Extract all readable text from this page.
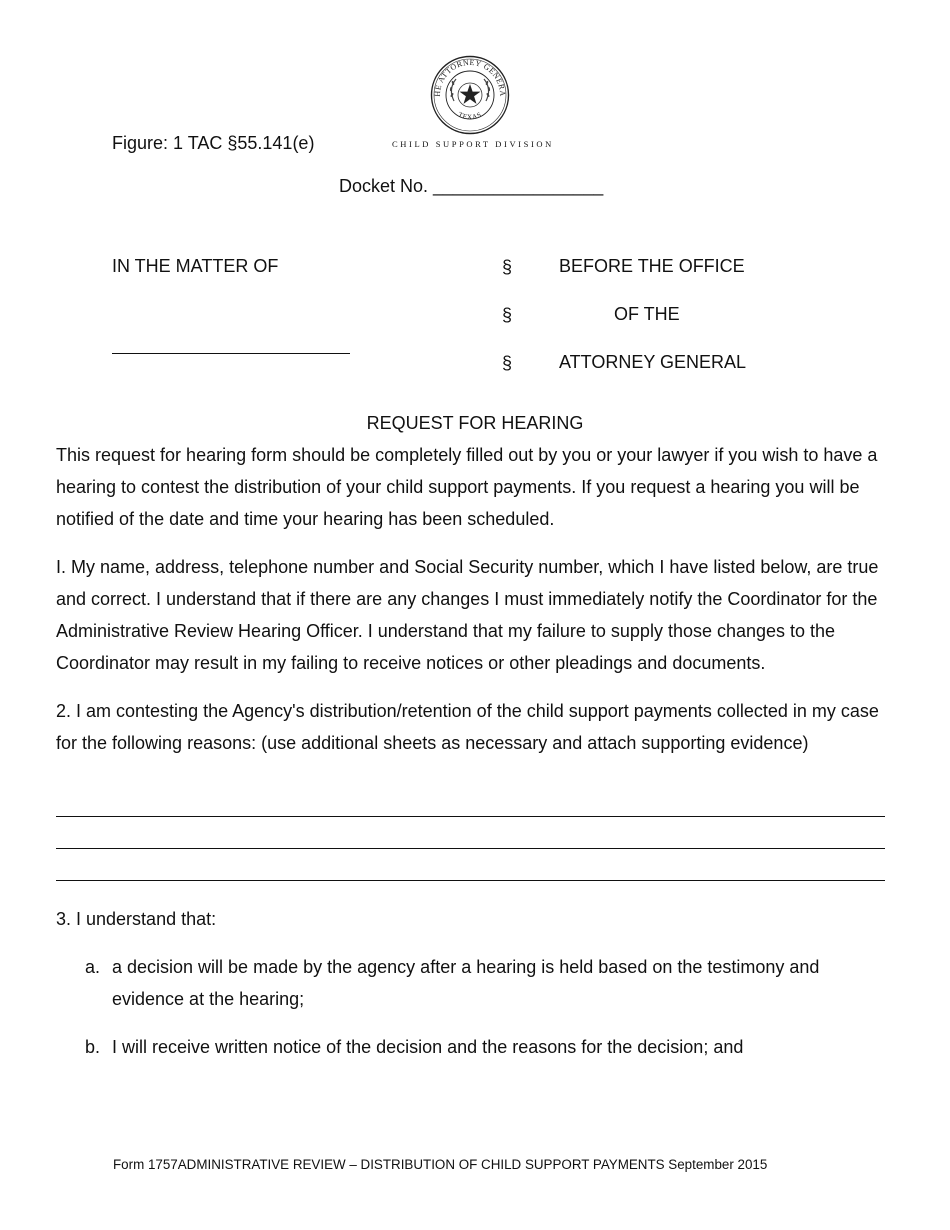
HE ATTORNEY GENERA
TEXAS
CHILD SUPPORT DIVISION
Figure: 1 TAC §55.141(e)
Docket No. _________________
IN THE MATTER OF	§
§
§
BEFORE THE OFFICE
OF THE
ATTORNEY GENERAL
REQUEST FOR HEARING
This request for hearing form should be completely filled out by you or your lawyer if you wish to have a hearing to contest the distribution of your child support payments. If you request a hearing you will be notified of the date and time your hearing has been scheduled.
I. My name, address, telephone number and Social Security number, which I have listed below, are true and correct. I understand that if there are any changes I must immediately notify the Coordinator for the Administrative Review Hearing Officer. I understand that my failure to supply those changes to the Coordinator may result in my failing to receive notices or other pleadings and documents.
2. I am contesting the Agency's distribution/retention of the child support payments collected in my case for the following reasons: (use additional sheets as necessary and attach supporting evidence)
3. I understand that:
a. a decision will be made by the agency after a hearing is held based on the testimony and evidence at the hearing;
b. I will receive written notice of the decision and the reasons for the decision; and
Form 1757ADMINISTRATIVE REVIEW – DISTRIBUTION OF CHILD SUPPORT PAYMENTS September 2015
